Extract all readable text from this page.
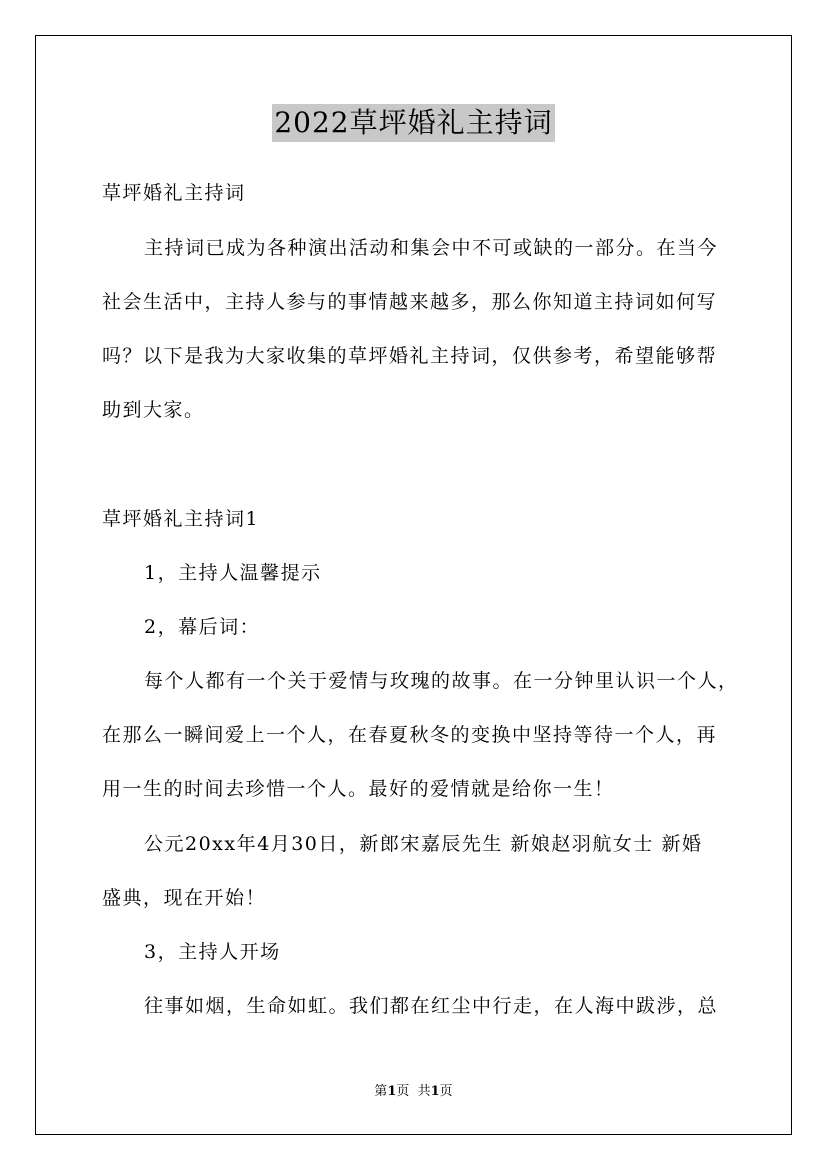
2022草坪婚礼主持词
草坪婚礼主持词
主持词已成为各种演出活动和集会中不可或缺的一部分。在当今
社会生活中，主持人参与的事情越来越多，那么你知道主持词如何写
吗？以下是我为大家收集的草坪婚礼主持词，仅供参考，希望能够帮
助到大家。
草坪婚礼主持词1
1，主持人温馨提示
2，幕后词：
每个人都有一个关于爱情与玫瑰的故事。在一分钟里认识一个人，
在那么一瞬间爱上一个人，在春夏秋冬的变换中坚持等待一个人，再
用一生的时间去珍惜一个人。最好的爱情就是给你一生！
公元20xx年4月30日，新郎宋嘉辰先生 新娘赵羽航女士 新婚
盛典，现在开始！
3，主持人开场
往事如烟，生命如虹。我们都在红尘中行走，在人海中跋涉，总
第1页  共1页
